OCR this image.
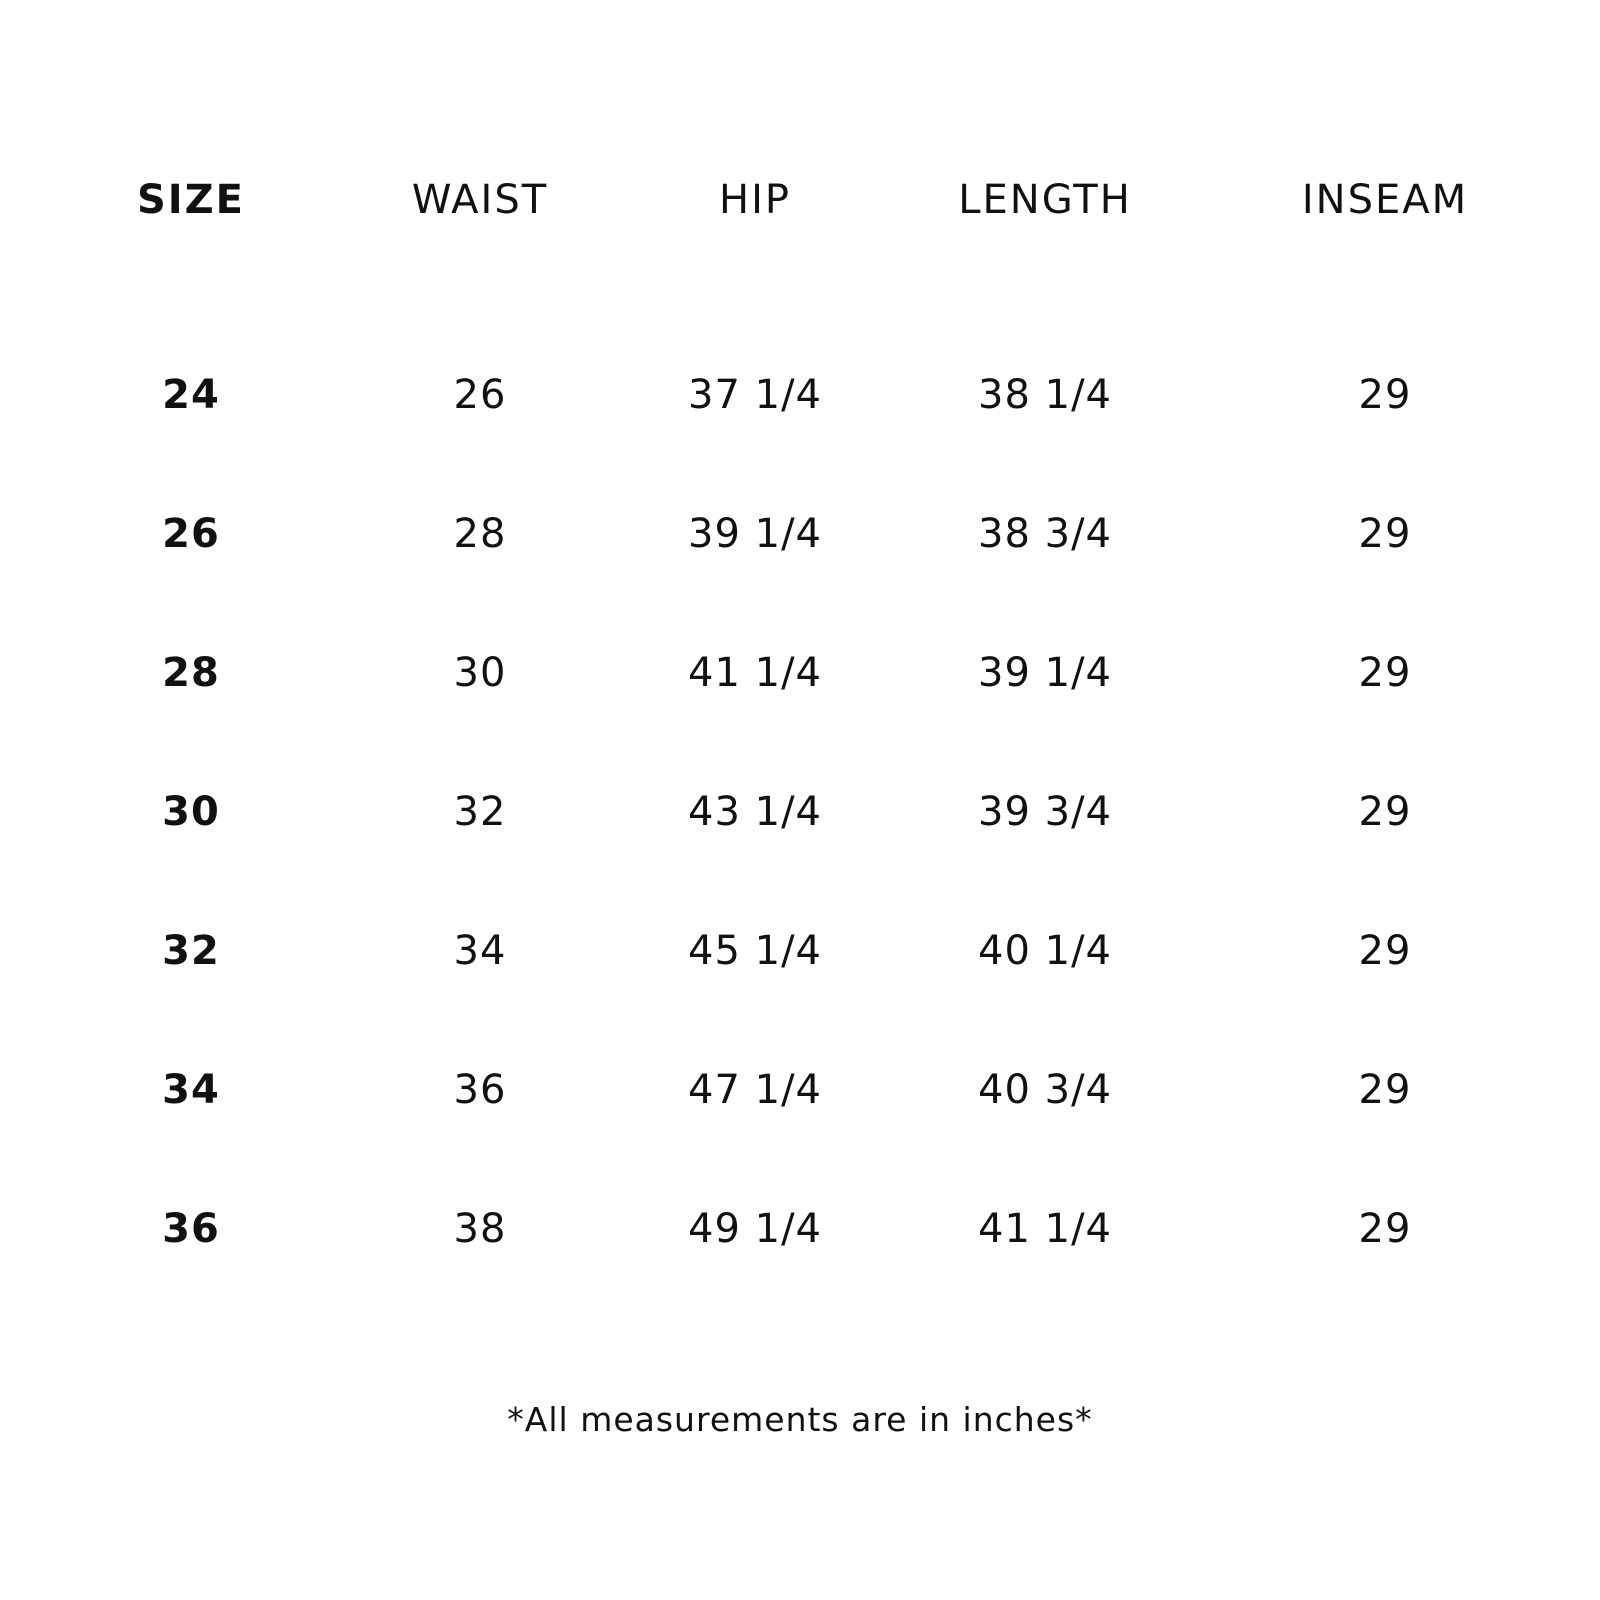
SIZE	WAIST	HIP	LENGTH	INSEAM
24	26	37 1/4	38 1/4	29
26	28	39 1/4	38 3/4	29
28	30	41 1/4	39 1/4	29
30	32	43 1/4	39 3/4	29
32	34	45 1/4	40 1/4	29
34	36	47 1/4	40 3/4	29
36	38	49 1/4	41 1/4	29
*All measurements are in inches*
